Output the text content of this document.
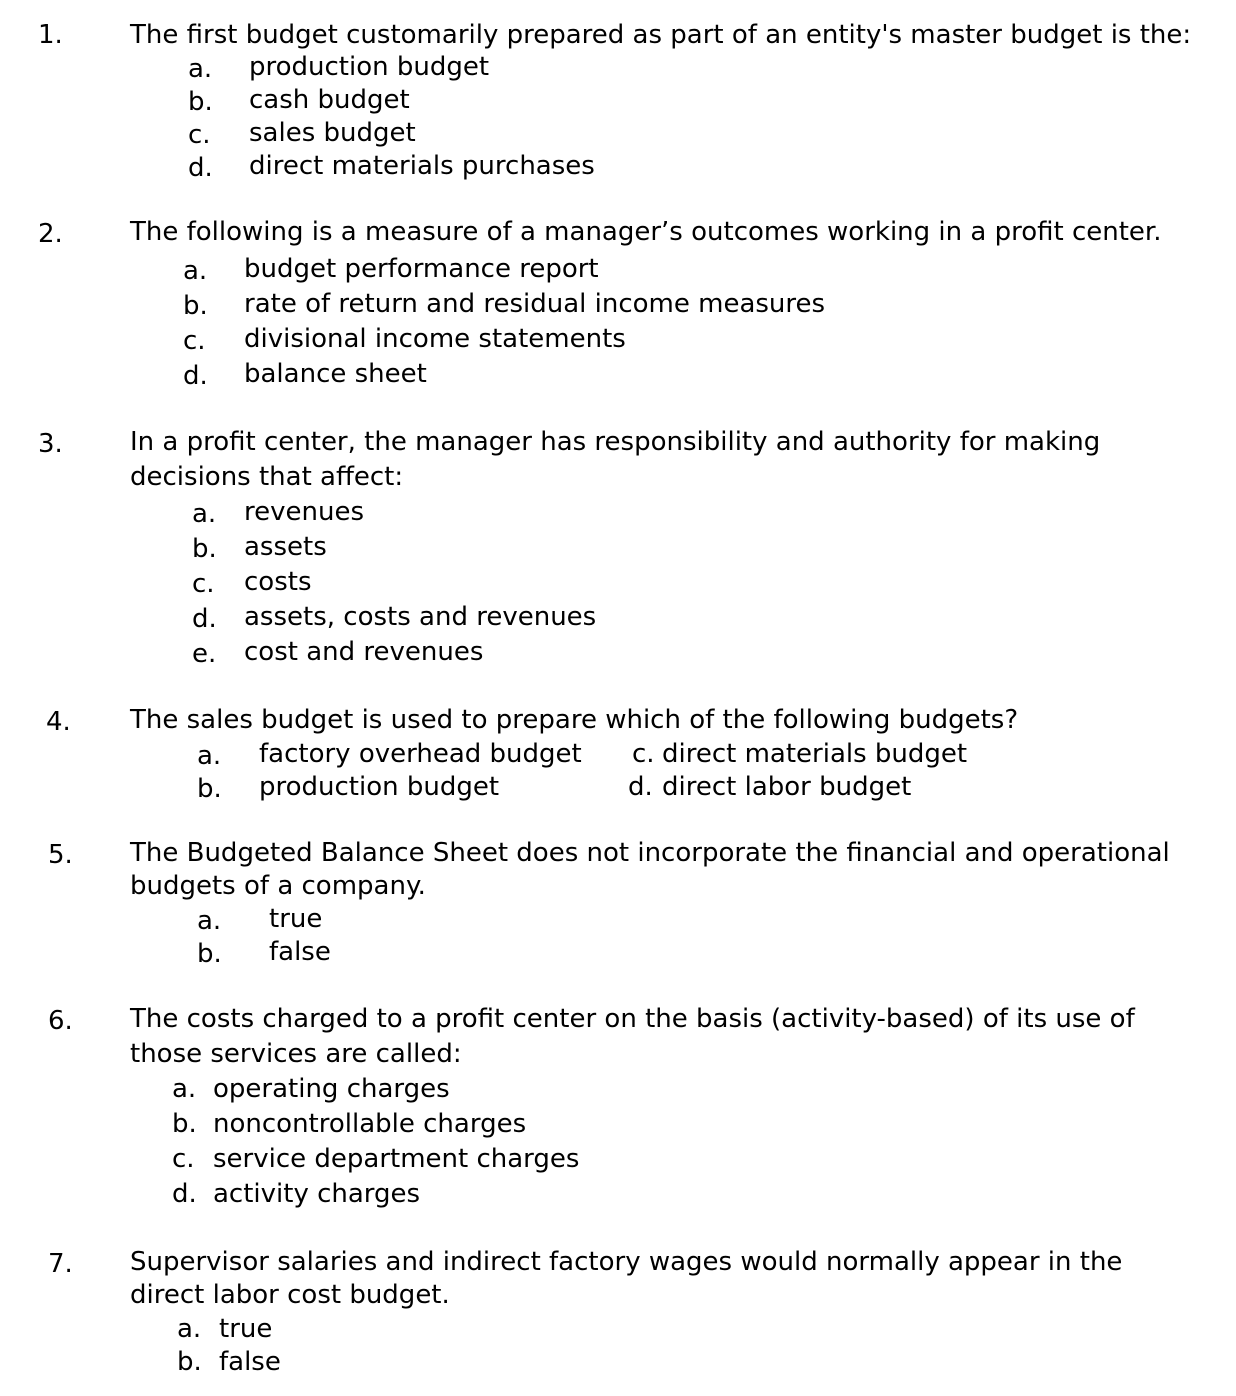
1.	The first budget customarily prepared as part of an entity's master budget is the:
a. production budget
b. cash budget
c. sales budget
d. direct materials purchases
2.	The following is a measure of a manager’s outcomes working in a profit center.
a. budget performance report
b. rate of return and residual income measures
c. divisional income statements
d. balance sheet
3.	In a profit center, the manager has responsibility and authority for making
decisions that affect:
a. revenues
b. assets
c. costs
d. assets, costs and revenues
e. cost and revenues
4. The sales budget is used to prepare which of the following budgets?
a. factory overhead budget
b. production budget
c. direct materials budget
d. direct labor budget
5. The Budgeted Balance Sheet does not incorporate the financial and operational
budgets of a company.
a. true
b. false
6. The costs charged to a profit center on the basis (activity-based) of its use of
those services are called:
a. operating charges
b. noncontrollable charges
c. service department charges
d. activity charges
7. Supervisor salaries and indirect factory wages would normally appear in the
direct labor cost budget.
a. true
b. false
